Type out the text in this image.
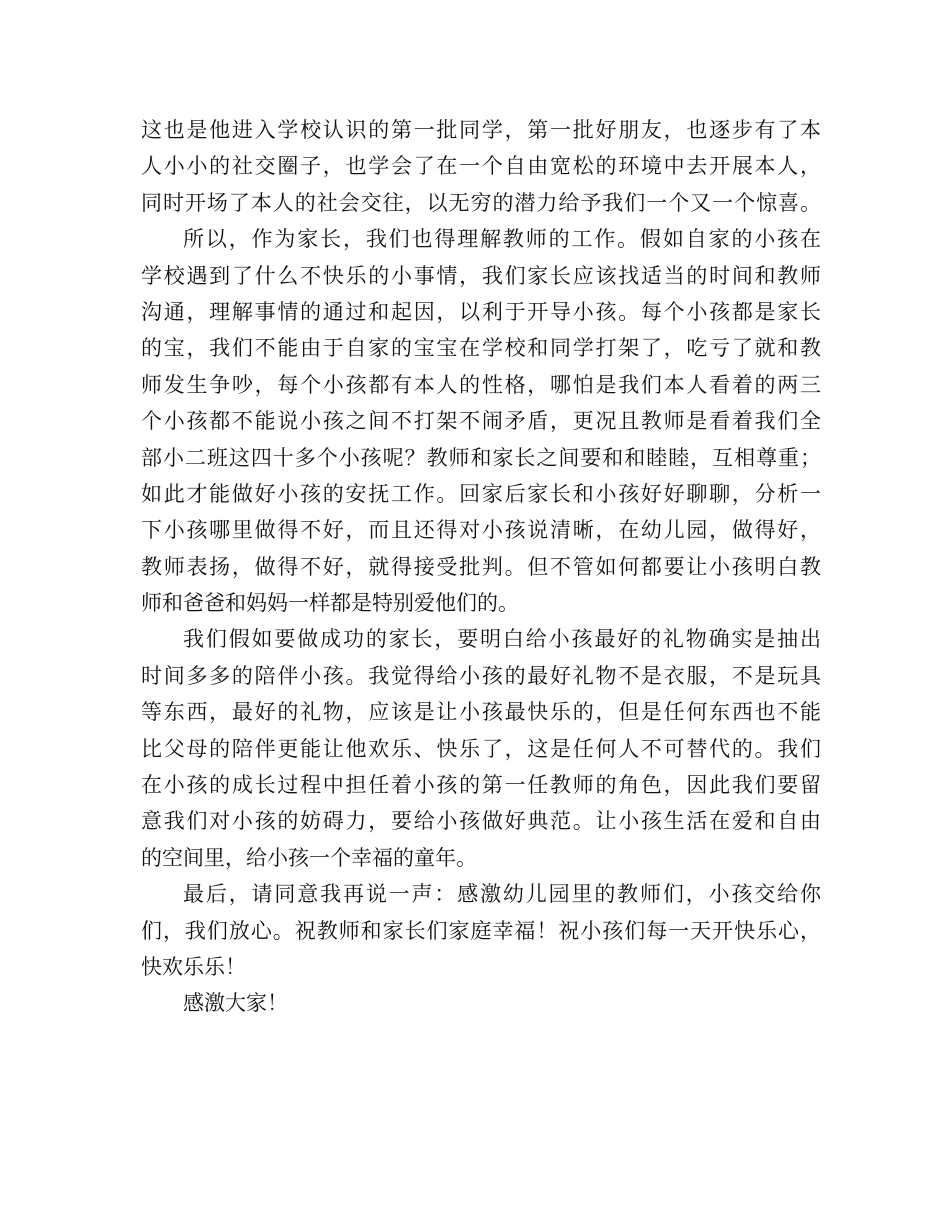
这也是他进入学校认识的第一批同学，第一批好朋友，也逐步有了本
人小小的社交圈子，也学会了在一个自由宽松的环境中去开展本人，
同时开场了本人的社会交往，以无穷的潜力给予我们一个又一个惊喜。
所以，作为家长，我们也得理解教师的工作。假如自家的小孩在
学校遇到了什么不快乐的小事情，我们家长应该找适当的时间和教师
沟通，理解事情的通过和起因，以利于开导小孩。每个小孩都是家长
的宝，我们不能由于自家的宝宝在学校和同学打架了，吃亏了就和教
师发生争吵，每个小孩都有本人的性格，哪怕是我们本人看着的两三
个小孩都不能说小孩之间不打架不闹矛盾，更况且教师是看着我们全
部小二班这四十多个小孩呢？教师和家长之间要和和睦睦，互相尊重；
如此才能做好小孩的安抚工作。回家后家长和小孩好好聊聊，分析一
下小孩哪里做得不好，而且还得对小孩说清晰，在幼儿园，做得好，
教师表扬，做得不好，就得接受批判。但不管如何都要让小孩明白教
师和爸爸和妈妈一样都是特别爱他们的。
我们假如要做成功的家长，要明白给小孩最好的礼物确实是抽出
时间多多的陪伴小孩。我觉得给小孩的最好礼物不是衣服，不是玩具
等东西，最好的礼物，应该是让小孩最快乐的，但是任何东西也不能
比父母的陪伴更能让他欢乐、快乐了，这是任何人不可替代的。我们
在小孩的成长过程中担任着小孩的第一任教师的角色，因此我们要留
意我们对小孩的妨碍力，要给小孩做好典范。让小孩生活在爱和自由
的空间里，给小孩一个幸福的童年。
最后，请同意我再说一声：感激幼儿园里的教师们，小孩交给你
们，我们放心。祝教师和家长们家庭幸福！祝小孩们每一天开快乐心，
快欢乐乐！
感激大家！
